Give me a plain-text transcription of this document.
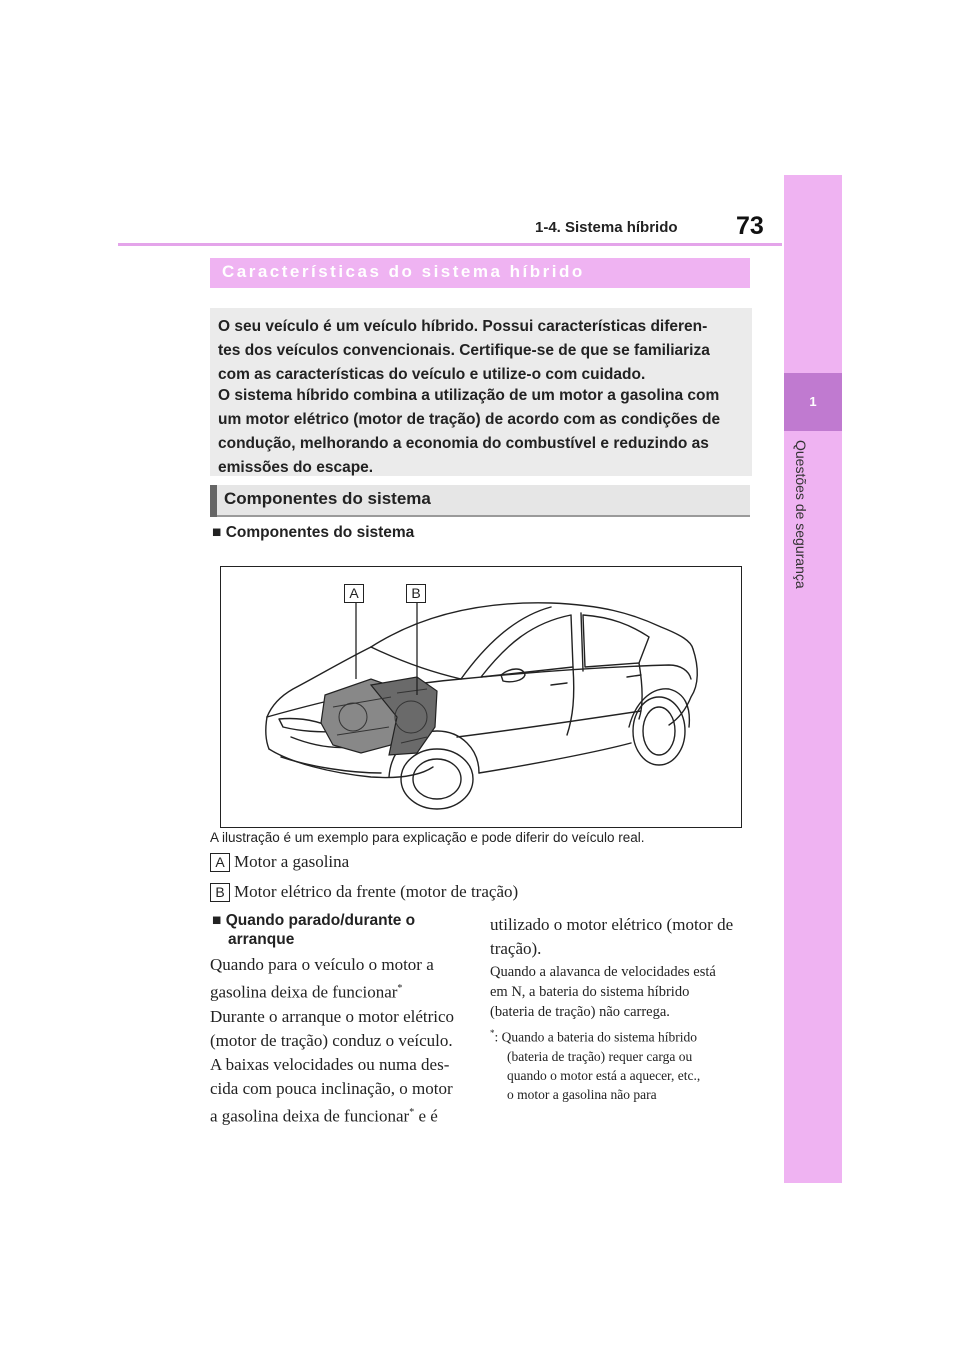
1
Questões de segurança
1-4. Sistema híbrido 73
Características do sistema híbrido

O seu veículo é um veículo híbrido. Possui características diferen-
tes dos veículos convencionais. Certifique-se de que se familiariza
com as características do veículo e utilize-o com cuidado.

O sistema híbrido combina a utilização de um motor a gasolina com
um motor elétrico (motor de tração) de acordo com as condições de
condução, melhorando a economia do combustível e reduzindo as
emissões do escape.

Componentes do sistema
■ Componentes do sistema
A	B
A ilustração é um exemplo para explicação e pode diferir do veículo real.
A Motor a gasolina
B Motor elétrico da frente (motor de tração)
■ Quando parado/durante o
arranque
Quando para o veículo o motor a
gasolina deixa de funcionar*
Durante o arranque o motor elétrico
(motor de tração) conduz o veículo.
A baixas velocidades ou numa des-
cida com pouca inclinação, o motor
a gasolina deixa de funcionar* e é
utilizado o motor elétrico (motor de
tração).
Quando a alavanca de velocidades está
em N, a bateria do sistema híbrido
(bateria de tração) não carrega.
*: Quando a bateria do sistema híbrido
(bateria de tração) requer carga ou
quando o motor está a aquecer, etc.,
o motor a gasolina não para
